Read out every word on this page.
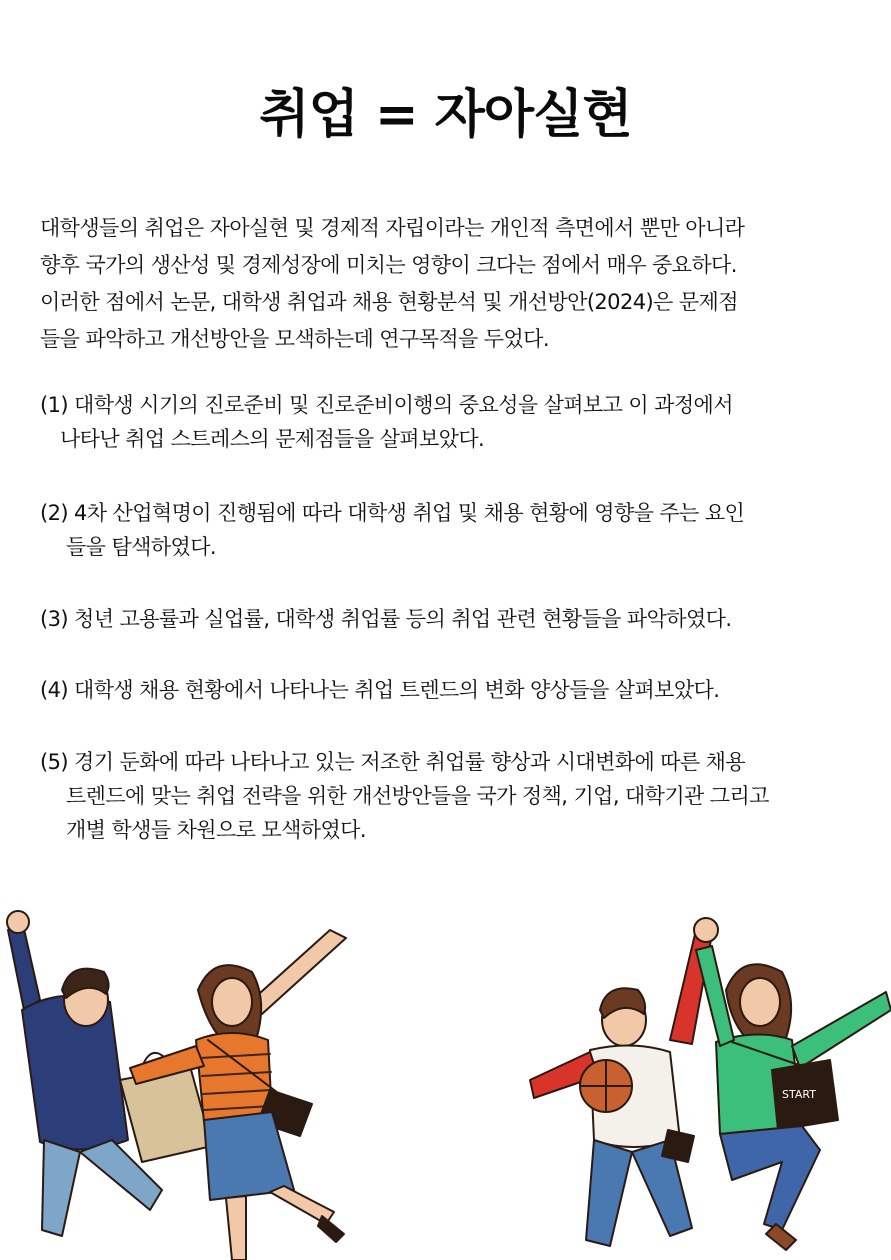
취업 = 자아실현

대학생들의 취업은 자아실현 및 경제적 자립이라는 개인적 측면에서 뿐만 아니라
향후 국가의 생산성 및 경제성장에 미치는 영향이 크다는 점에서 매우 중요하다.
이러한 점에서 논문, 대학생 취업과 채용 현황분석 및 개선방안(2024)은 문제점
들을 파악하고 개선방안을 모색하는데 연구목적을 두었다.

(1) 대학생 시기의 진로준비 및 진로준비이행의 중요성을 살펴보고 이 과정에서
나타난 취업 스트레스의 문제점들을 살펴보았다.
(2) 4차 산업혁명이 진행됨에 따라 대학생 취업 및 채용 현황에 영향을 주는 요인
들을 탐색하였다.
(3) 청년 고용률과 실업률, 대학생 취업률 등의 취업 관련 현황들을 파악하였다.
(4) 대학생 채용 현황에서 나타나는 취업 트렌드의 변화 양상들을 살펴보았다.
(5) 경기 둔화에 따라 나타나고 있는 저조한 취업률 향상과 시대변화에 따른 채용
트렌드에 맞는 취업 전략을 위한 개선방안들을 국가 정책, 기업, 대학기관 그리고
개별 학생들 차원으로 모색하였다.
START
